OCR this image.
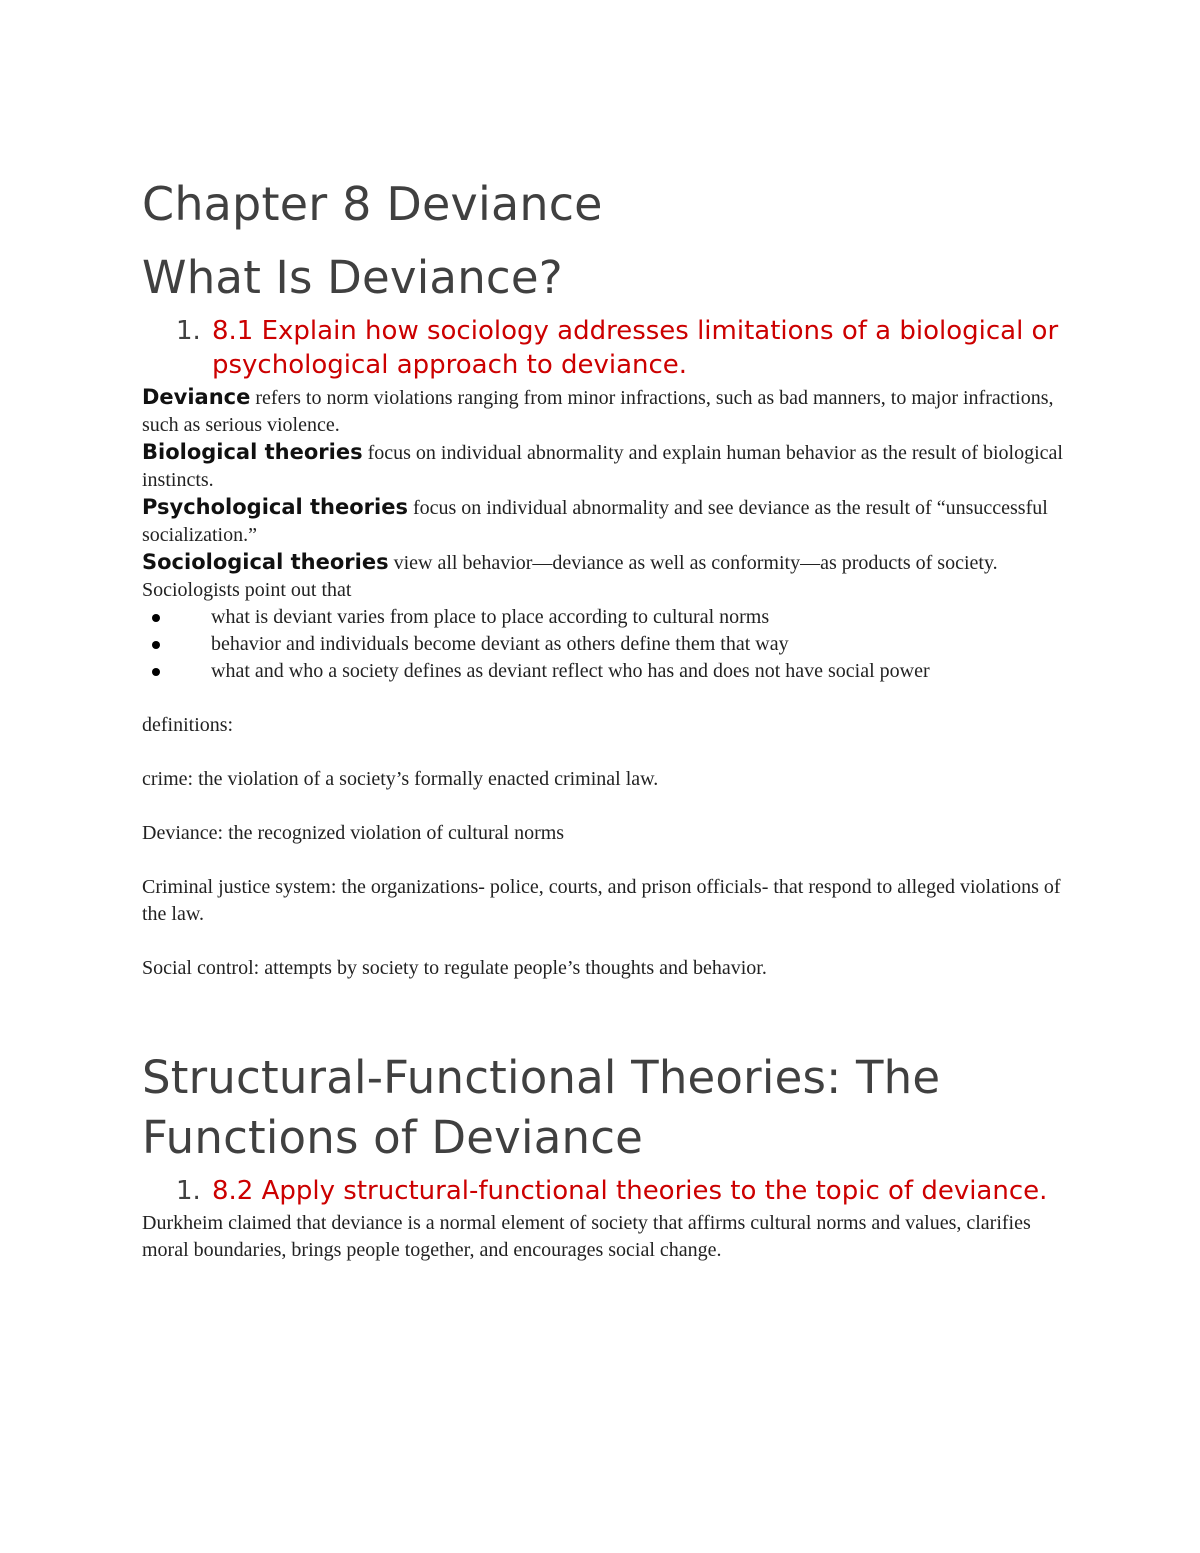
Chapter 8 Deviance
What Is Deviance?
1. 8.1 Explain how sociology addresses limitations of a biological or psychological approach to deviance.

Deviance refers to norm violations ranging from minor infractions, such as bad manners, to major infractions, such as serious violence.

Biological theories focus on individual abnormality and explain human behavior as the result of biological instincts.

Psychological theories focus on individual abnormality and see deviance as the result of “unsuccessful socialization.”

Sociological theories view all behavior—deviance as well as conformity—as products of society. Sociologists point out that

what is deviant varies from place to place according to cultural norms
behavior and individuals become deviant as others define them that way
what and who a society defines as deviant reflect who has and does not have social power

definitions:

crime: the violation of a society’s formally enacted criminal law.

Deviance: the recognized violation of cultural norms

Criminal justice system: the organizations- police, courts, and prison officials- that respond to alleged violations of the law.

Social control: attempts by society to regulate people’s thoughts and behavior.

Structural-Functional Theories: The Functions of Deviance
1. 8.2 Apply structural-functional theories to the topic of deviance.

Durkheim claimed that deviance is a normal element of society that affirms cultural norms and values, clarifies moral boundaries, brings people together, and encourages social change.
